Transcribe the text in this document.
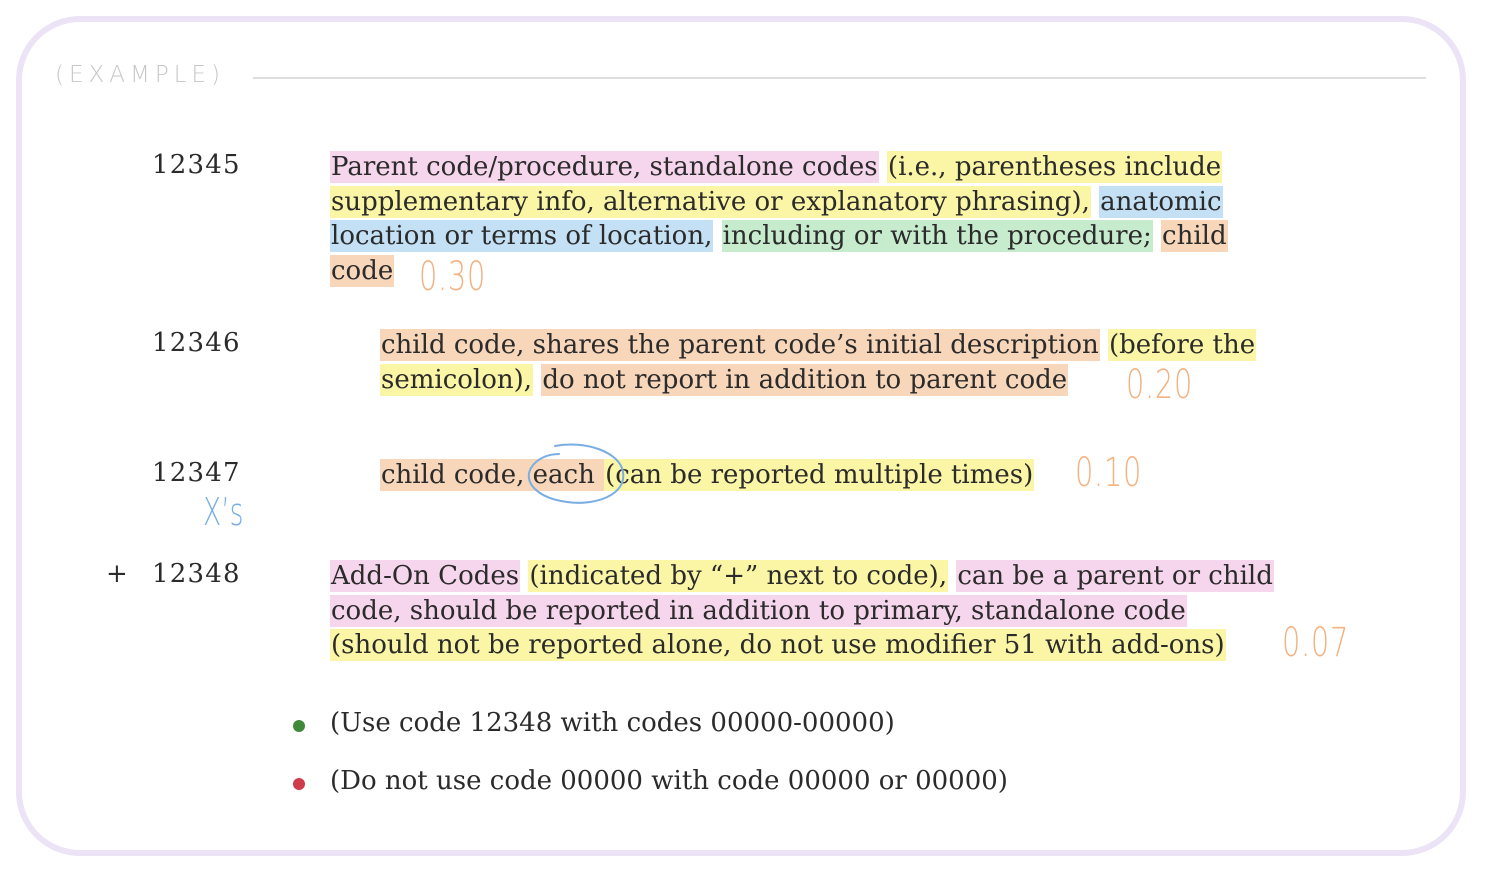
(EXAMPLE)
12345	Parent code/procedure, standalone codes (i.e., parentheses include
supplementary info, alternative or explanatory phrasing), anatomic
location or terms of location, including or with the procedure; child
code 0.30
12346	child code, shares the parent code’s initial description (before the
semicolon), do not report in addition to parent code	0.20
12347	child code, each (can be reported multiple times) 0.10
X’s
+ 12348	Add-On Codes (indicated by “+” next to code), can be a parent or child
code, should be reported in addition to primary, standalone code
(should not be reported alone, do not use modifier 51 with add-ons)	0.07
(Use code 12348 with codes 00000-00000)
(Do not use code 00000 with code 00000 or 00000)
